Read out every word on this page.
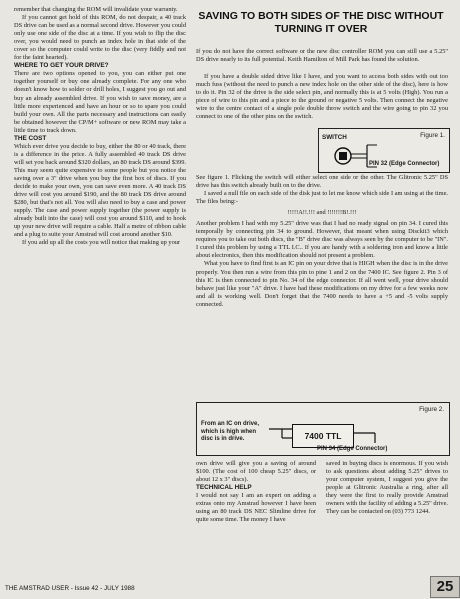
remember that changing the ROM will invalidate your warranty.

If you cannot get hold of this ROM, do not despair, a 40 track DS drive can be used as a normal second drive. However you could only use one side of the disc at a time. If you wish to flip the disc over, you would need to punch an index hole in that side of the cover so the computer could write to the disc (very fiddly and not for the faint hearted).

WHERE TO GET YOUR DRIVE?

There are two options opened to you, you can either put one together yourself or buy one already complete. For any one who doesn't know how to solder or drill holes, I suggest you go out and buy an already assembled drive. If you wish to save money, are a little more experienced and have an hour or so to spare you could build your own. All the parts necessary and instructions can easily be obtained however the CP/M+ software or new ROM may take a little time to track down.

THE COST

Which ever drive you decide to buy, either the 80 or 40 track, there is a difference in the price. A fully assembled 40 track DS drive will set you back around $320 dollars, an 80 track DS around $399. This may seem quite expensive to some people but you notice the saving over a 3" drive when you buy the first box of discs. If you decide to make your own, you can save even more. A 40 track DS drive will cost you around $190, and the 80 track DS drive around $280, but that's not all. You will also need to buy a case and power supply. The case and power supply together (the power supply is already built into the case) will cost you around $110, and to hook up your new drive will require a cable. Half a metre of ribbon cable and a plug to suite your Amstrad will cost around another $10.

If you add up all the costs you will notice that making up your

SAVING TO BOTH SIDES OF THE DISC WITHOUT
TURNING IT OVER

If you do not have the correct software or the new disc controller ROM you can still use a 5.25" DS drive nearly to its full potential. Keith Hamilton of Mill Park has found the solution.

If you have a double sided drive like I have, and you want to access both sides with out too much fuss (without the need to punch a new index hole on the other side of the disc), here is how to do it. Pin 32 of the drive is the side select pin, and normally this is at 5 volts (High). You run a piece of wire to this pin and a piece to the ground or negative 5 volts. Then connect the negative wire to the centre contact of a single pole double throw switch and the wire going to pin 32 you connect to one of the other pins on the switch.

SWITCH	Figure 1.
PIN 32 (Edge Connector)

See figure 1. Flicking the switch will either select one side or the other. The Glitronic 5.25" DS drive has this switch already built on to the drive.

I saved a null file on each side of the disk just to let me know which side I am using at the time. The files being:-

!!!!!A!!.!!! and !!!!!!!B!.!!!

Another problem I had with my 5.25" drive was that I had no ready signal on pin 34. I cured this temporally by connecting pin 34 to ground. However, that meant when using Disckit3 which requires you to take out both discs, the "B" drive disc was always seen by the computer to be "IN". I cured this problem by using a TTL I.C.. If you are handy with a soldering iron and know a little about electronics, then this modification should not present a problem.

What you have to find first is an IC pin on your drive that is HIGH when the disc is in the drive properly. You then run a wire from this pin to pine 1 and 2 on the 7400 IC. See figure 2. Pin 3 of this IC is then connected to pin No. 34 of the edge connector. If all went well, your drive should behave just like your "A" drive. I have had these modifications on my drive for a few weeks now and all is working well. Don't forget that the 7400 needs to have a +5 and -5 volts supply connected.

From an IC on drive,
which is high when
disc is in drive.
Figure 2.
7400 TTL
PIN 34 (Edge Connector)

own drive will give you a saving of around $100. (The cost of 100 cheap 5.25" discs, or about 12 x 3" discs).

TECHNICAL HELP

I would not say I am an expert on adding a extras onto my Amstrad however I have been using an 80 track DS NEC Slimline drive for quite some time. The money I have

saved in buying discs is enormous. If you wish to ask questions about adding 5.25" drives to your computer system, I suggest you give the people at Glitronic Australia a ring, after all they were the first to really provide Amstrad owners with the facility of adding a 5.25" drive. They can be contacted on (03) 773 1244.

THE AMSTRAD USER - Issue 42 - JULY 1988	25
